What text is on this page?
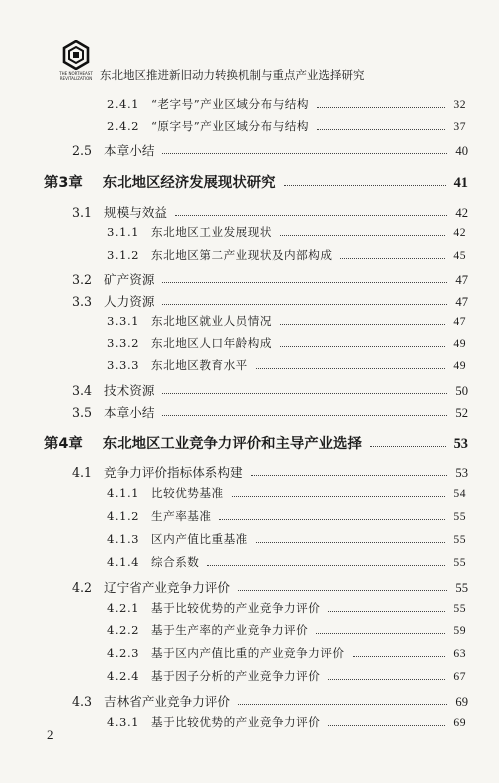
THE NORTHEAST
REVITALIZATION 东北地区推进新旧动力转换机制与重点产业选择研究
2.4.1 “老字号”产业区域分布与结构	32
2.4.2 “原字号”产业区域分布与结构	37
2.5 本章小结	40
第3章 东北地区经济发展现状研究	41
3.1 规模与效益	42
3.1.1 东北地区工业发展现状	42
3.1.2 东北地区第二产业现状及内部构成	45
3.2 矿产资源	47
3.3 人力资源	47
3.3.1 东北地区就业人员情况	47
3.3.2 东北地区人口年龄构成	49
3.3.3 东北地区教育水平	49
3.4 技术资源	50
3.5 本章小结	52
第4章 东北地区工业竞争力评价和主导产业选择	53
4.1 竞争力评价指标体系构建	53
4.1.1 比较优势基准	54
4.1.2 生产率基准	55
4.1.3 区内产值比重基准	55
4.1.4 综合系数	55
4.2 辽宁省产业竞争力评价	55
4.2.1 基于比较优势的产业竞争力评价	55
4.2.2 基于生产率的产业竞争力评价	59
4.2.3 基于区内产值比重的产业竞争力评价	63
4.2.4 基于因子分析的产业竞争力评价	67
4.3 吉林省产业竞争力评价	69
4.3.1 基于比较优势的产业竞争力评价	69
2
